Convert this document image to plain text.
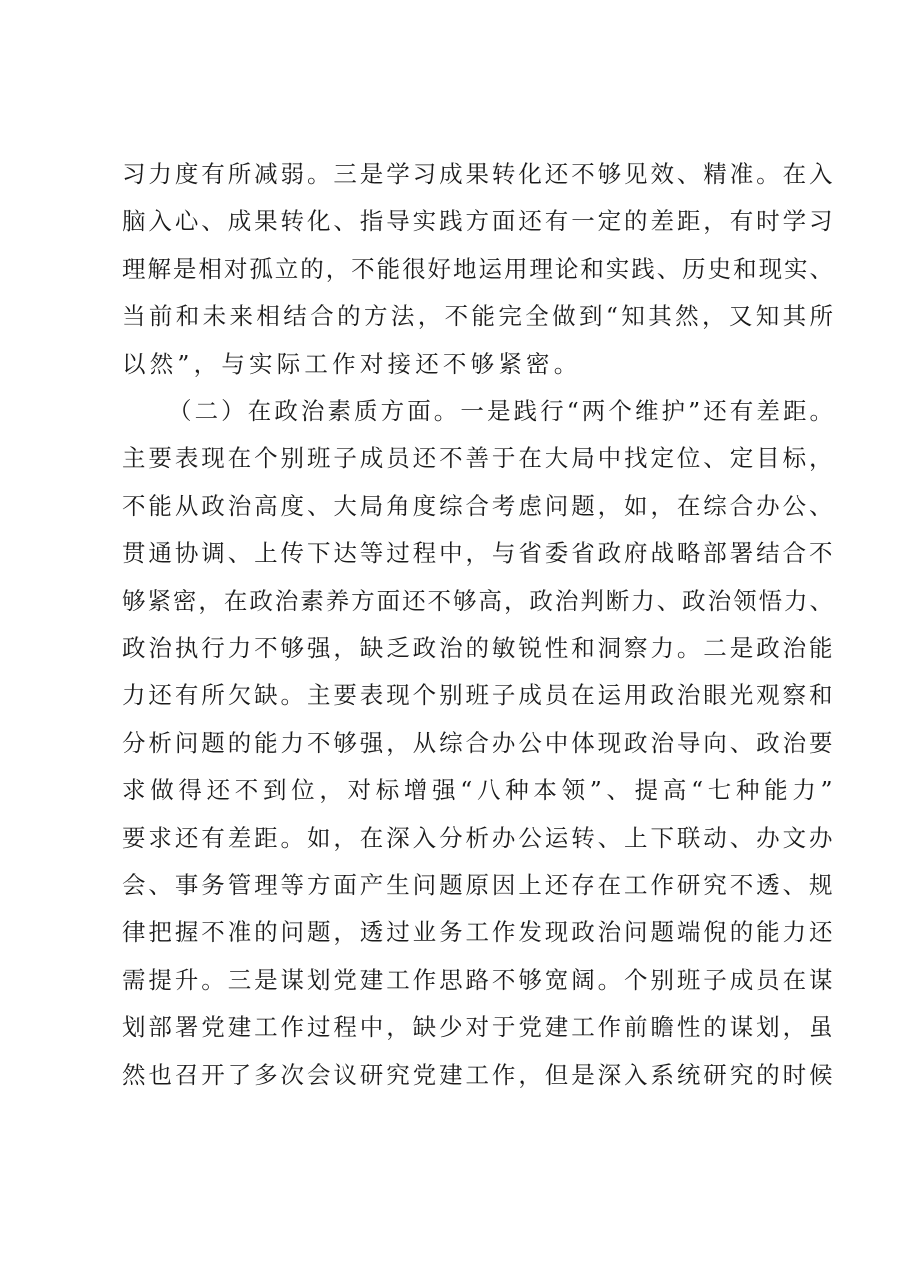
习力度有所减弱。三是学习成果转化还不够见效、精准。在入
脑入心、成果转化、指导实践方面还有一定的差距，有时学习
理解是相对孤立的，不能很好地运用理论和实践、历史和现实、
当前和未来相结合的方法，不能完全做到“知其然，又知其所
以然”，与实际工作对接还不够紧密。
（二）在政治素质方面。一是践行“两个维护”还有差距。
主要表现在个别班子成员还不善于在大局中找定位、定目标，
不能从政治高度、大局角度综合考虑问题，如，在综合办公、
贯通协调、上传下达等过程中，与省委省政府战略部署结合不
够紧密，在政治素养方面还不够高，政治判断力、政治领悟力、
政治执行力不够强，缺乏政治的敏锐性和洞察力。二是政治能
力还有所欠缺。主要表现个别班子成员在运用政治眼光观察和
分析问题的能力不够强，从综合办公中体现政治导向、政治要
求做得还不到位，对标增强“八种本领”、提高“七种能力”
要求还有差距。如，在深入分析办公运转、上下联动、办文办
会、事务管理等方面产生问题原因上还存在工作研究不透、规
律把握不准的问题，透过业务工作发现政治问题端倪的能力还
需提升。三是谋划党建工作思路不够宽阔。个别班子成员在谋
划部署党建工作过程中，缺少对于党建工作前瞻性的谋划，虽
然也召开了多次会议研究党建工作，但是深入系统研究的时候
